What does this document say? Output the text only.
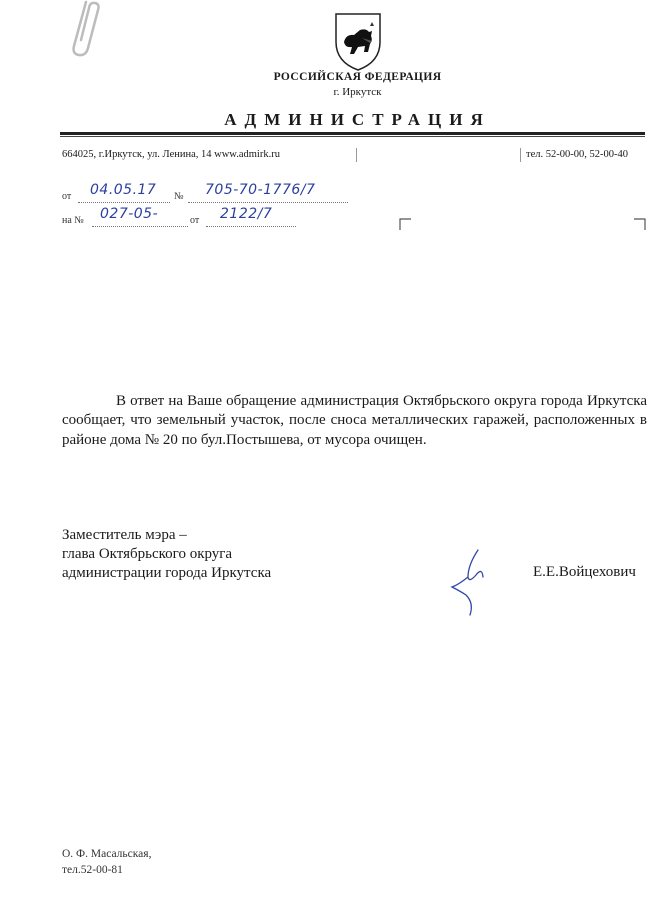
РОССИЙСКАЯ ФЕДЕРАЦИЯ
г. Иркутск
АДМИНИСТРАЦИЯ
664025, г.Иркутск, ул. Ленина, 14 www.admirk.ru	тел. 52-00-00, 52-00-40
от 04.05.17 № 705-70-1776/7
на № 027-05-	от 2122/7
В ответ на Ваше обращение администрация Октябрьского округа города Иркутска сообщает, что земельный участок, после сноса металлических гаражей, расположенных в районе дома № 20 по бул.Постышева, от мусора очищен.
Заместитель мэра –
глава Октябрьского округа
администрации города Иркутска	Е.Е.Войцехович
О. Ф. Масальская,
тел.52-00-81
